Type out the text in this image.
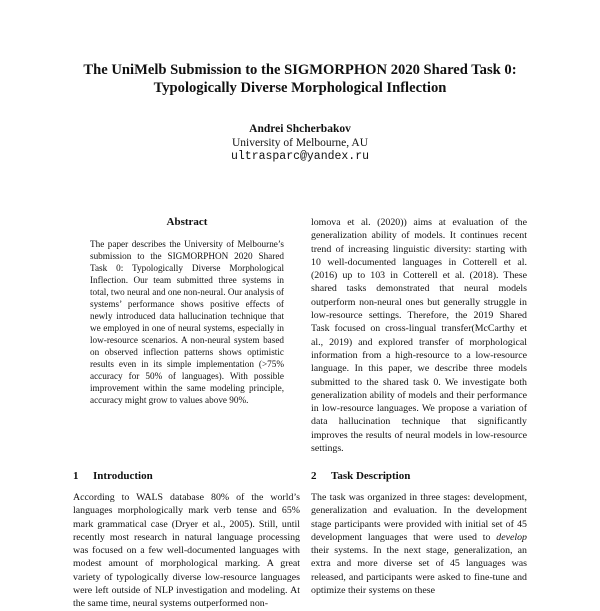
The UniMelb Submission to the SIGMORPHON 2020 Shared Task 0:
Typologically Diverse Morphological Inflection
Andrei Shcherbakov
University of Melbourne, AU
ultrasparc@yandex.ru
Abstract
The paper describes the University of Melbourne’s submission to the SIGMORPHON 2020 Shared Task 0: Typologically Diverse Morphological Inflection. Our team submitted three systems in total, two neural and one non-neural. Our analysis of systems’ performance shows positive effects of newly introduced data hallucination technique that we employed in one of neural systems, especially in low-resource scenarios. A non-neural system based on observed inflection patterns shows optimistic results even in its simple implementation (>75% accuracy for 50% of languages). With possible improvement within the same modeling principle, accuracy might grow to values above 90%.
1 Introduction
According to WALS database 80% of the world’s languages morphologically mark verb tense and 65% mark grammatical case (Dryer et al., 2005). Still, until recently most research in natural language processing was focused on a few well-documented languages with modest amount of morphological marking. A great variety of typologically diverse low-resource languages were left outside of NLP investigation and modeling. At the same time, neural systems outperformed non-
lomova et al. (2020)) aims at evaluation of the generalization ability of models. It continues recent trend of increasing linguistic diversity: starting with 10 well-documented languages in Cotterell et al. (2016) up to 103 in Cotterell et al. (2018). These shared tasks demonstrated that neural models outperform non-neural ones but generally struggle in low-resource settings. Therefore, the 2019 Shared Task focused on cross-lingual transfer(McCarthy et al., 2019) and explored transfer of morphological information from a high-resource to a low-resource language. In this paper, we describe three models submitted to the shared task 0. We investigate both generalization ability of models and their performance in low-resource languages. We propose a variation of data hallucination technique that significantly improves the results of neural models in low-resource settings.
2 Task Description
The task was organized in three stages: development, generalization and evaluation. In the development stage participants were provided with initial set of 45 development languages that were used to develop their systems. In the next stage, generalization, an extra and more diverse set of 45 languages was released, and participants were asked to fine-tune and optimize their systems on these
